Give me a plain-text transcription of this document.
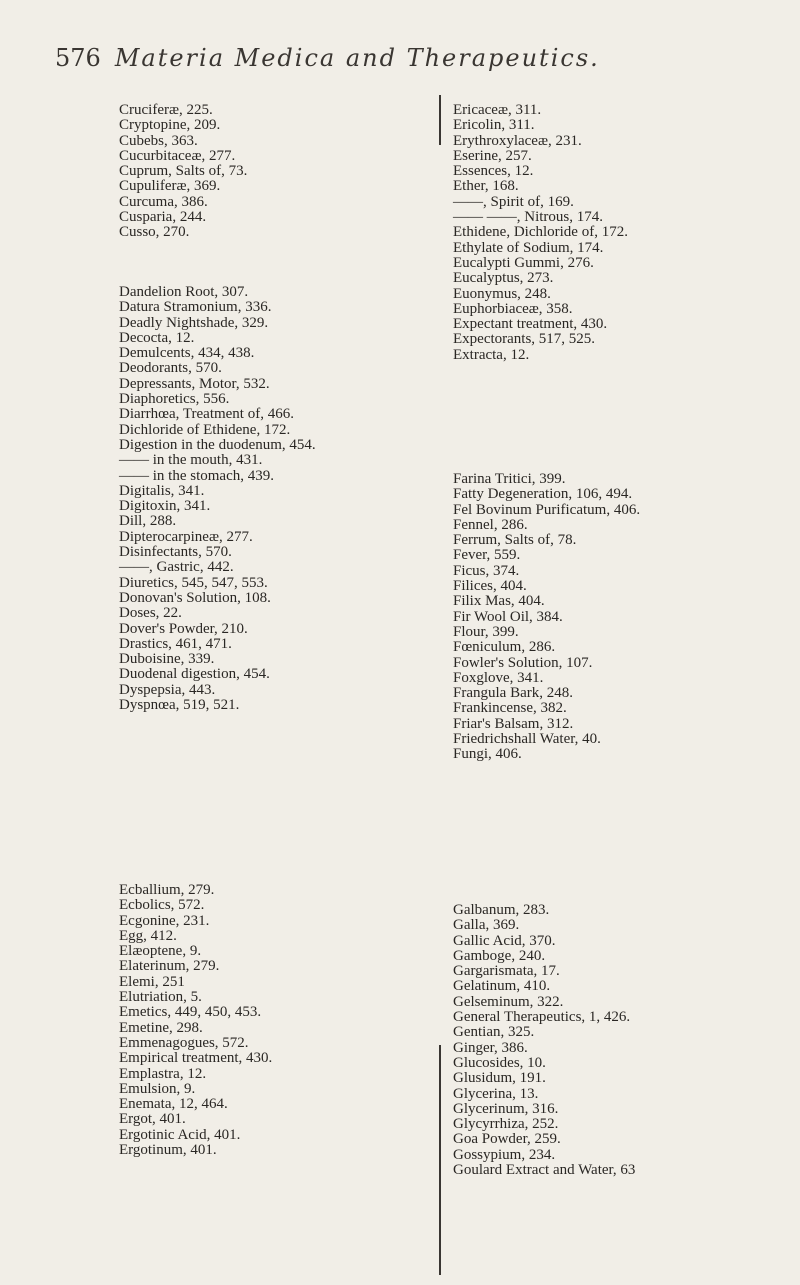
576 Materia Medica and Therapeutics.
Cruciferæ, 225.
Cryptopine, 209.
Cubebs, 363.
Cucurbitaceæ, 277.
Cuprum, Salts of, 73.
Cupuliferæ, 369.
Curcuma, 386.
Cusparia, 244.
Cusso, 270.
Dandelion Root, 307.
Datura Stramonium, 336.
Deadly Nightshade, 329.
Decocta, 12.
Demulcents, 434, 438.
Deodorants, 570.
Depressants, Motor, 532.
Diaphoretics, 556.
Diarrhœa, Treatment of, 466.
Dichloride of Ethidene, 172.
Digestion in the duodenum, 454.
—— in the mouth, 431.
—— in the stomach, 439.
Digitalis, 341.
Digitoxin, 341.
Dill, 288.
Dipterocarpineæ, 277.
Disinfectants, 570.
——, Gastric, 442.
Diuretics, 545, 547, 553.
Donovan's Solution, 108.
Doses, 22.
Dover's Powder, 210.
Drastics, 461, 471.
Duboisine, 339.
Duodenal digestion, 454.
Dyspepsia, 443.
Dyspnœa, 519, 521.
Ecballium, 279.
Ecbolics, 572.
Ecgonine, 231.
Egg, 412.
Elæoptene, 9.
Elaterinum, 279.
Elemi, 251
Elutriation, 5.
Emetics, 449, 450, 453.
Emetine, 298.
Emmenagogues, 572.
Empirical treatment, 430.
Emplastra, 12.
Emulsion, 9.
Enemata, 12, 464.
Ergot, 401.
Ergotinic Acid, 401.
Ergotinum, 401.
Ericaceæ, 311.
Ericolin, 311.
Erythroxylaceæ, 231.
Eserine, 257.
Essences, 12.
Ether, 168.
——, Spirit of, 169.
—— ——, Nitrous, 174.
Ethidene, Dichloride of, 172.
Ethylate of Sodium, 174.
Eucalypti Gummi, 276.
Eucalyptus, 273.
Euonymus, 248.
Euphorbiaceæ, 358.
Expectant treatment, 430.
Expectorants, 517, 525.
Extracta, 12.
Farina Tritici, 399.
Fatty Degeneration, 106, 494.
Fel Bovinum Purificatum, 406.
Fennel, 286.
Ferrum, Salts of, 78.
Fever, 559.
Ficus, 374.
Filices, 404.
Filix Mas, 404.
Fir Wool Oil, 384.
Flour, 399.
Fœniculum, 286.
Fowler's Solution, 107.
Foxglove, 341.
Frangula Bark, 248.
Frankincense, 382.
Friar's Balsam, 312.
Friedrichshall Water, 40.
Fungi, 406.
Galbanum, 283.
Galla, 369.
Gallic Acid, 370.
Gamboge, 240.
Gargarismata, 17.
Gelatinum, 410.
Gelseminum, 322.
General Therapeutics, 1, 426.
Gentian, 325.
Ginger, 386.
Glucosides, 10.
Glusidum, 191.
Glycerina, 13.
Glycerinum, 316.
Glycyrrhiza, 252.
Goa Powder, 259.
Gossypium, 234.
Goulard Extract and Water, 63
